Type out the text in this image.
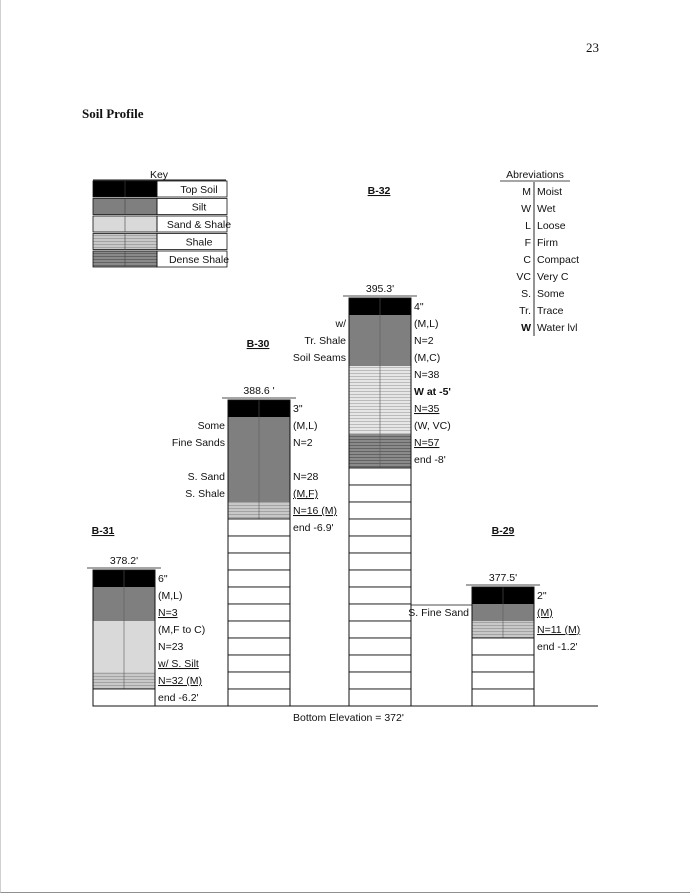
23
Soil Profile
Key
Top Soil
Silt
Sand & Shale
Shale
Dense Shale
Abreviations
M Moist
W Wet
L Loose
F Firm
C Compact
VC Very C
S. Some
Tr. Trace
W Water lvl
B-31
378.2'
6"
(M,L)
N=3
(M,F to C)
N=23
w/ S. Silt
N=32 (M)
end -6.2'
B-30
388.6 '
3"
(M,L)
N=2
N=28
(M,F)
N=16 (M)
end -6.9'
Some
Fine Sands
S. Sand
S. Shale
B-32
395.3'
4"
(M,L)
N=2
(M,C)
N=38
W at -5'
N=35
(W, VC)
N=57
end -8'
w/
Tr. Shale
Soil Seams
B-29
377.5'
2"
(M)
N=11 (M)
end -1.2'
S. Fine Sand
Bottom Elevation = 372'
